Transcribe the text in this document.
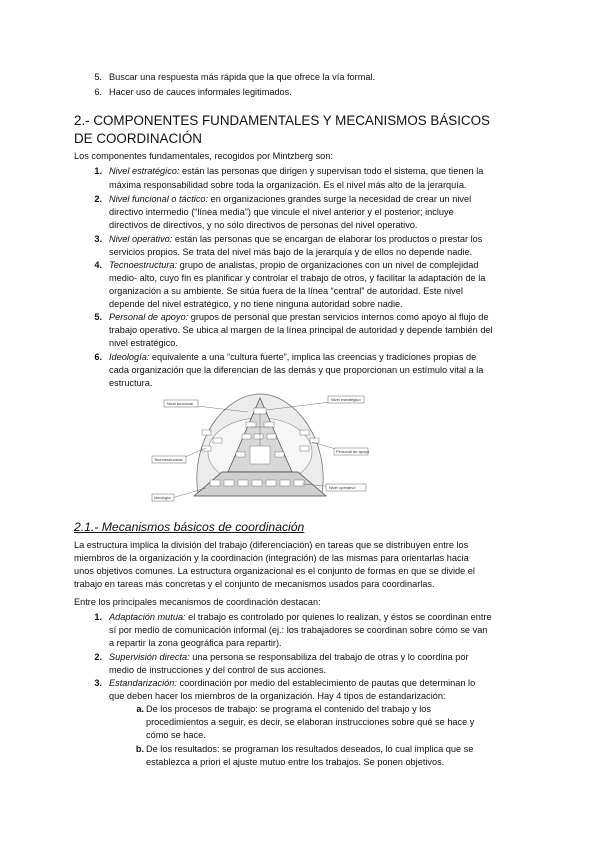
5. Buscar una respuesta más rápida que la que ofrece la vía formal.
6. Hacer uso de cauces informales legitimados.
2.- COMPONENTES FUNDAMENTALES Y MECANISMOS BÁSICOS
DE COORDINACIÓN
Los componentes fundamentales, recogidos por Mintzberg son:
1. Nivel estratégico: están las personas que dirigen y supervisan todo el sistema, que tienen la
máxima responsabilidad sobre toda la organización. Es el nivel más alto de la jerarquía.
2. Nivel funcional o táctico: en organizaciones grandes surge la necesidad de crear un nivel
directivo intermedio (“línea media”) que vincule el nivel anterior y el posterior; incluye
directivos de directivos, y no sólo directivos de personas del nivel operativo.
3. Nivel operativo: están las personas que se encargan de elaborar los productos o prestar los
servicios propios. Se trata del nivel más bajo de la jerarquía y de ellos no depende nadie.
4. Tecnoestructura: grupo de analistas, propio de organizaciones con un nivel de complejidad
medio- alto, cuyo fin es planificar y controlar el trabajo de otros, y facilitar la adaptación de la
organización a su ambiente. Se sitúa fuera de la línea “central” de autoridad. Este nivel
depende del nivel estratégico, y no tiene ninguna autoridad sobre nadie.
5. Personal de apoyo: grupos de personal que prestan servicios internos como apoyo al flujo de
trabajo operativo. Se ubica al margen de la línea principal de autoridad y depende también del
nivel estratégico.
6. Ideología: equivalente a una “cultura fuerte”, implica las creencias y tradiciones propias de
cada organización que la diferencian de las demás y que proporcionan un estímulo vital a la
estructura.
Nivel funcional
Nivel estratégico
Tecnoestructura
Personal de apoyo
Nivel operativo
Ideología
2.1.- Mecanismos básicos de coordinación
La estructura implica la división del trabajo (diferenciación) en tareas que se distribuyen entre los
miembros de la organización y la coordinación (integración) de las mismas para orientarlas hacia
unos objetivos comunes. La estructura organizacional es el conjunto de formas en que se divide el
trabajo en tareas más concretas y el conjunto de mecanismos usados para coordinarlas.
Entre los principales mecanismos de coordinación destacan:
1. Adaptación mutua: el trabajo es controlado por quienes lo realizan, y éstos se coordinan entre
sí por medio de comunicación informal (ej.: los trabajadores se coordinan sobre cómo se van
a repartir la zona geográfica para repartir).
2. Supervisión directa: una persona se responsabiliza del trabajo de otras y lo coordina por
medio de instrucciones y del control de sus acciones.
3. Estandarización: coordinación por medio del establecimiento de pautas que determinan lo
que deben hacer los miembros de la organización. Hay 4 tipos de estandarización:
a. De los procesos de trabajo: se programa el contenido del trabajo y los
procedimientos a seguir, es decir, se elaboran instrucciones sobre qué se hace y
cómo se hace.
b. De los resultados: se programan los resultados deseados, lo cual implica que se
establezca a priori el ajuste mutuo entre los trabajos. Se ponen objetivos.
